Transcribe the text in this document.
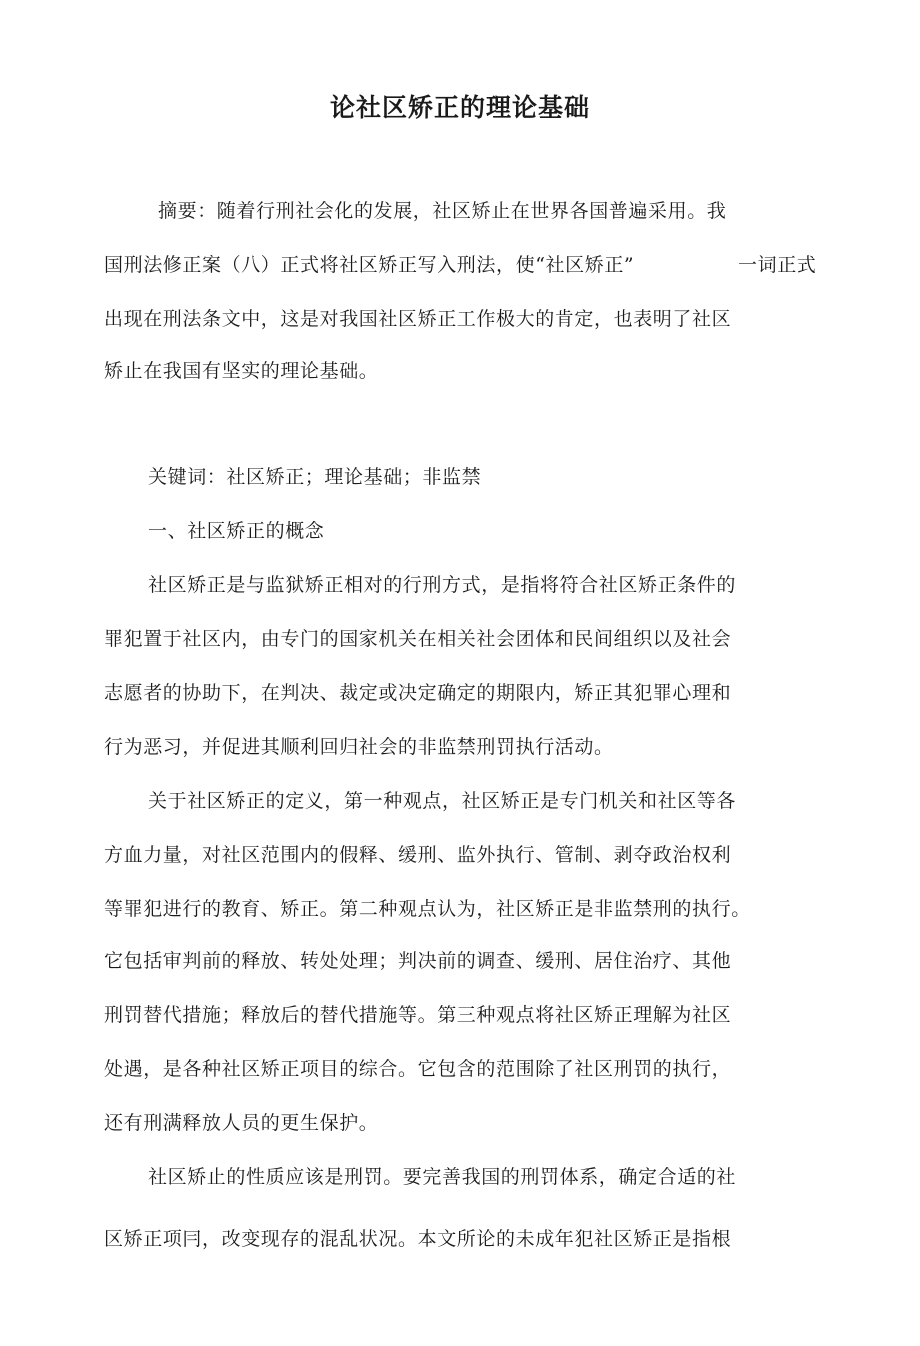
论社区矫正的理论基础
摘要：随着行刑社会化的发展，社区矫止在世界各国普遍采用。我
国刑法修正案（八）正式将社区矫正写入刑法，使“社区矫正”	一词正式
出现在刑法条文中，这是对我国社区矫正工作极大的肯定，也表明了社区
矫止在我国有坚实的理论基础。
关键词：社区矫正；理论基础；非监禁
一、社区矫正的概念
社区矫正是与监狱矫正相对的行刑方式，是指将符合社区矫正条件的
罪犯置于社区内，由专门的国家机关在相关社会团体和民间组织以及社会
志愿者的协助下，在判决、裁定或决定确定的期限内，矫正其犯罪心理和
行为恶习，并促进其顺利回归社会的非监禁刑罚执行活动。
关于社区矫正的定义，第一种观点，社区矫正是专门机关和社区等各
方血力量，对社区范围内的假释、缓刑、监外执行、管制、剥夺政治权利
等罪犯进行的教育、矫正。第二种观点认为，社区矫正是非监禁刑的执行。
它包括审判前的释放、转处处理；判决前的调查、缓刑、居住治疗、其他
刑罚替代措施；释放后的替代措施等。第三种观点将社区矫正理解为社区
处遇，是各种社区矫正项目的综合。它包含的范围除了社区刑罚的执行，
还有刑满释放人员的更生保护。
社区矫止的性质应该是刑罚。要完善我国的刑罚体系，确定合适的社
区矫正项冃，改变现存的混乱状况。本文所论的未成年犯社区矫正是指根
